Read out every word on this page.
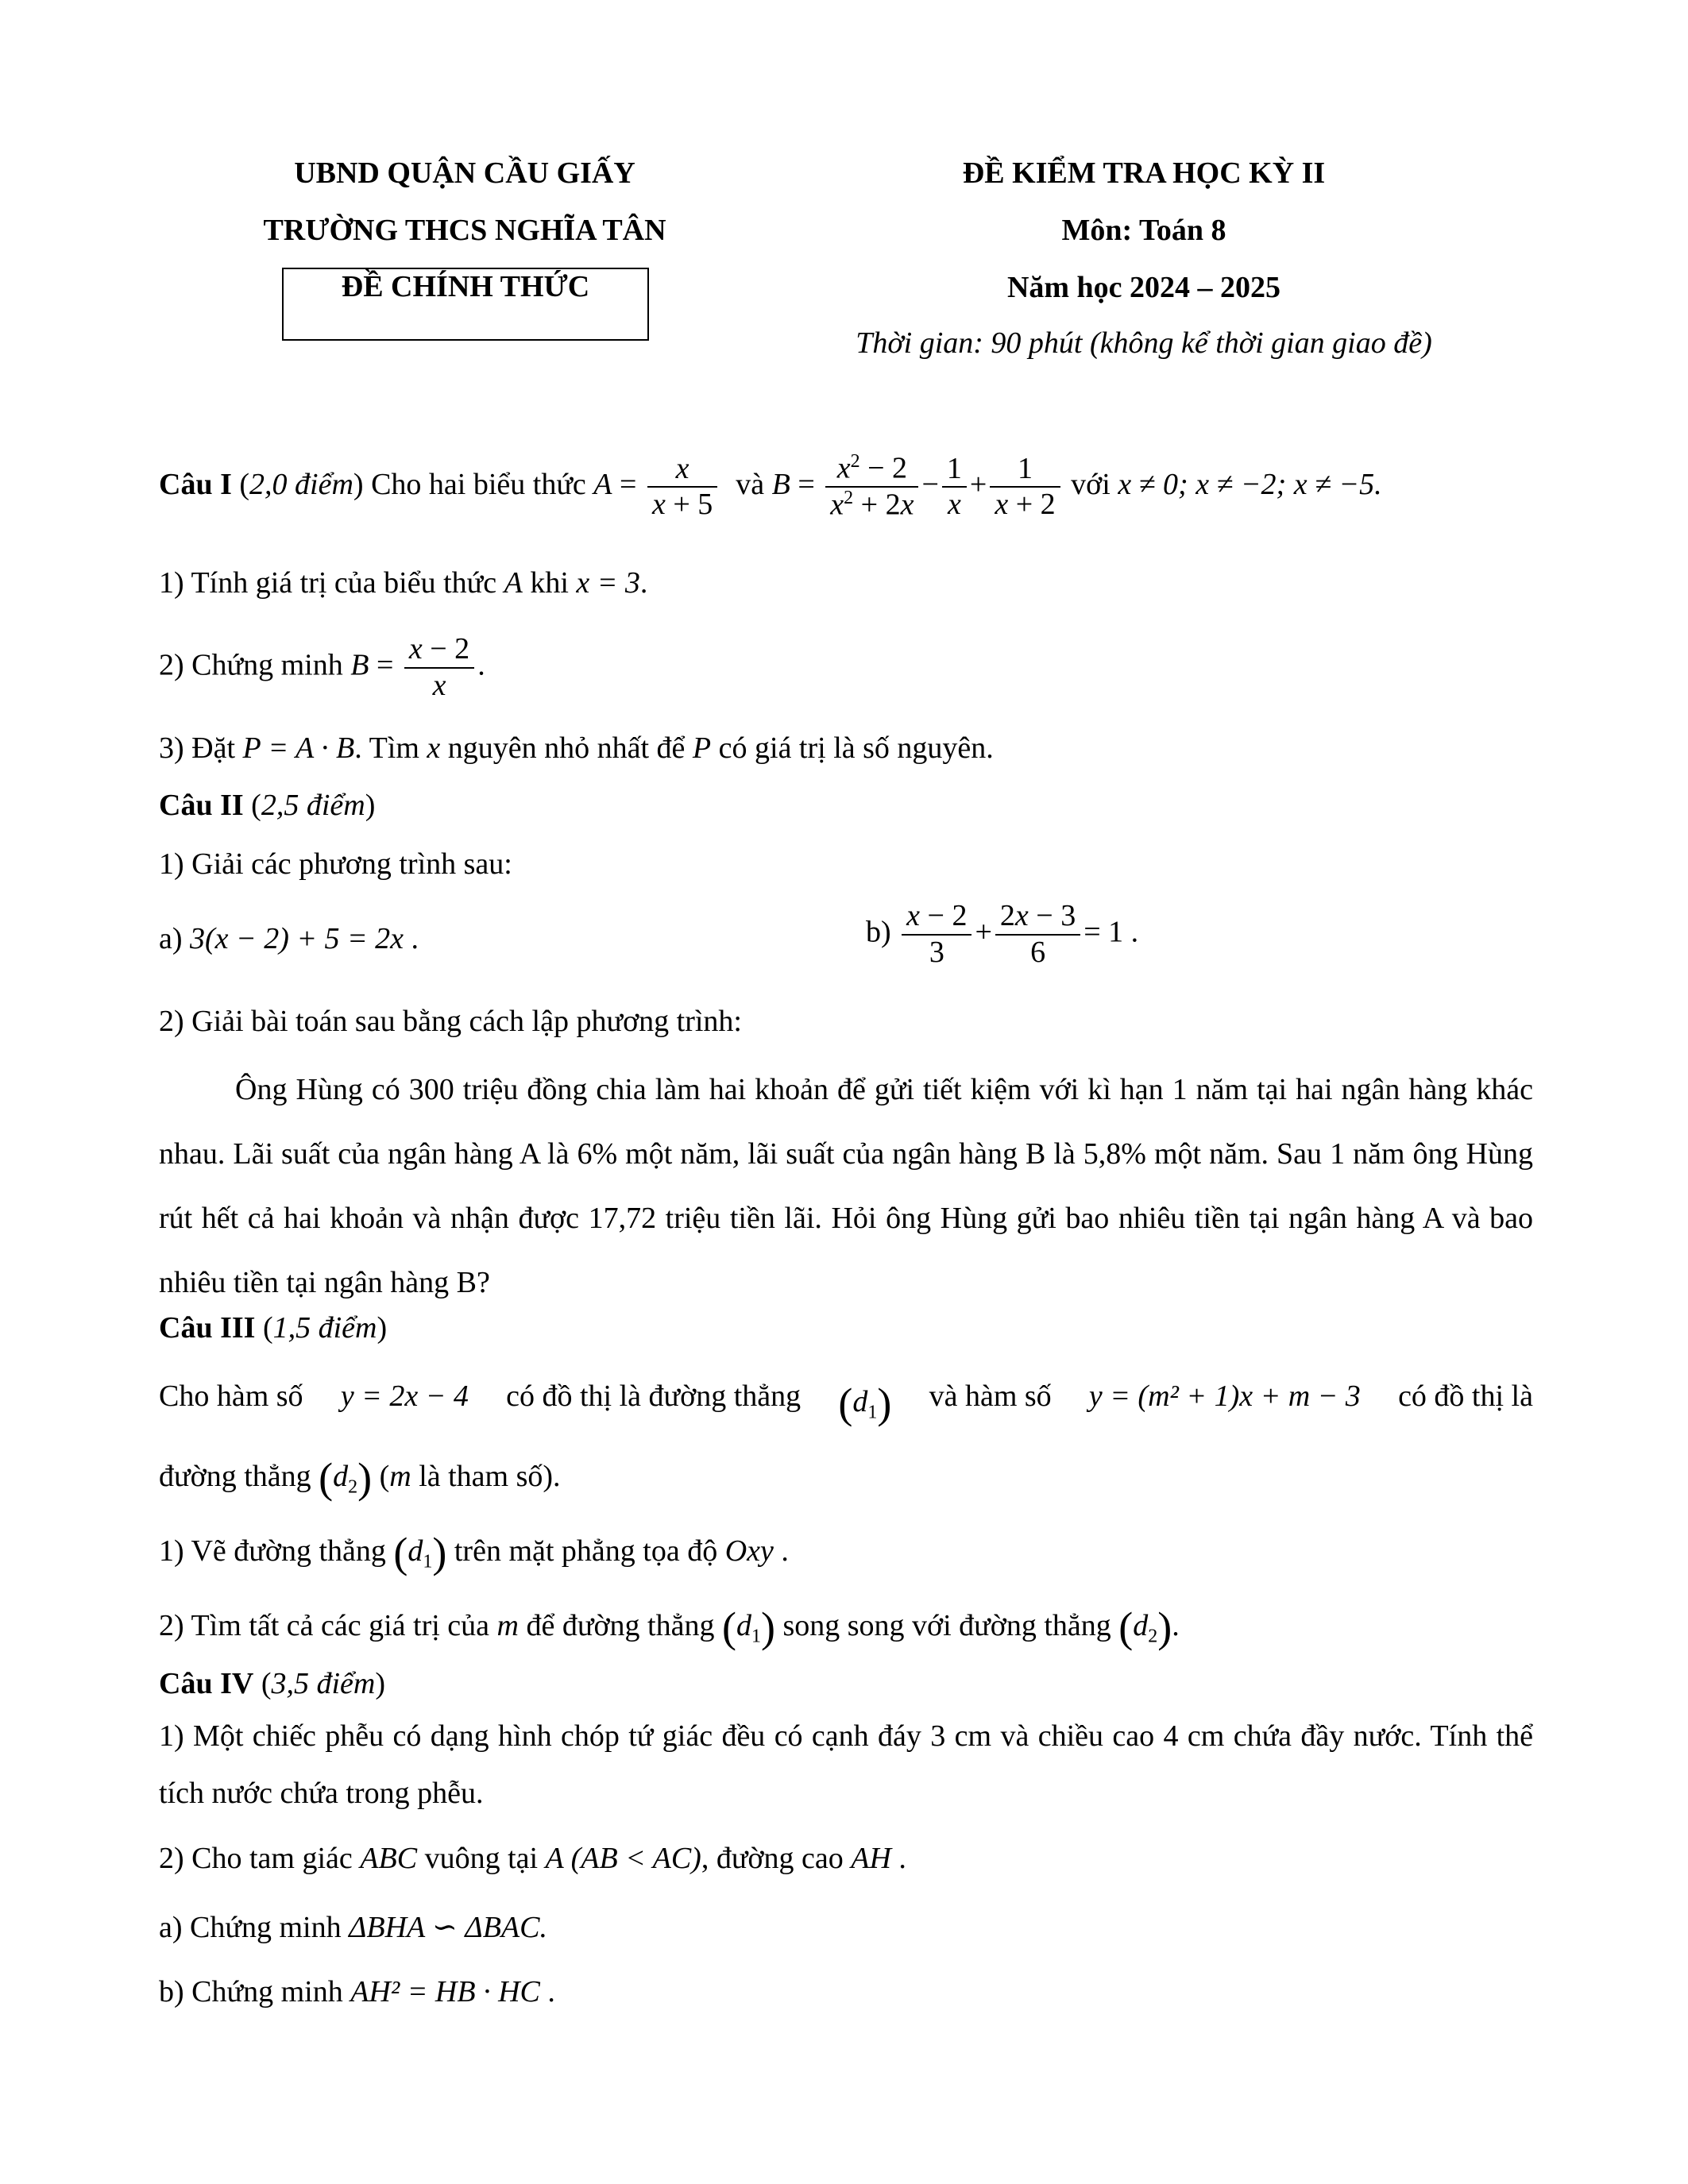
UBND QUẬN CẦU GIẤY
TRƯỜNG THCS NGHĨA TÂN
ĐỀ CHÍNH THỨC
ĐỀ KIỂM TRA HỌC KỲ II
Môn: Toán 8
Năm học 2024 – 2025
Thời gian: 90 phút (không kể thời gian giao đề)
Câu I (2,0 điểm) Cho hai biểu thức $A = \frac{x}{x + 5}$ và $B = \frac{x^2 - 2}{x^2 + 2x} - \frac{1}{x} + \frac{1}{x + 2}$ với x ≠ 0; x ≠ −2; x ≠ −5.
1) Tính giá trị của biểu thức A khi x = 3.
2) Chứng minh $B = \frac{x - 2}{x}$ .
3) Đặt P = A · B. Tìm x nguyên nhỏ nhất để P có giá trị là số nguyên.
Câu II (2,5 điểm)
1) Giải các phương trình sau:
a) 3(x − 2) + 5 = 2x .	$b) \frac{x - 2}{3} + \frac{2x - 3}{6} = 1$ .
2) Giải bài toán sau bằng cách lập phương trình:
Ông Hùng có 300 triệu đồng chia làm hai khoản để gửi tiết kiệm với kì hạn 1 năm tại hai ngân hàng khác nhau. Lãi suất của ngân hàng A là 6% một năm, lãi suất của ngân hàng B là 5,8% một năm. Sau 1 năm ông Hùng rút hết cả hai khoản và nhận được 17,72 triệu tiền lãi. Hỏi ông Hùng gửi bao nhiêu tiền tại ngân hàng A và bao nhiêu tiền tại ngân hàng B?
Câu III (1,5 điểm)
Cho hàm số y = 2x − 4 có đồ thị là đường thẳng $(d_1)$ và hàm số y = (m² + 1)x + m − 3 có đồ thị là
đường thẳng $(d_2)$ (m là tham số).
1) Vẽ đường thẳng $(d_1)$ trên mặt phẳng tọa độ Oxy .
2) Tìm tất cả các giá trị của m để đường thẳng $(d_1)$ song song với đường thẳng $(d_2)$.
Câu IV (3,5 điểm)
1) Một chiếc phễu có dạng hình chóp tứ giác đều có cạnh đáy 3 cm và chiều cao 4 cm chứa đầy nước. Tính thể tích nước chứa trong phễu.
2) Cho tam giác ABC vuông tại A (AB < AC), đường cao AH .
a) Chứng minh ΔBHA ∽ ΔBAC.
b) Chứng minh AH² = HB · HC .
